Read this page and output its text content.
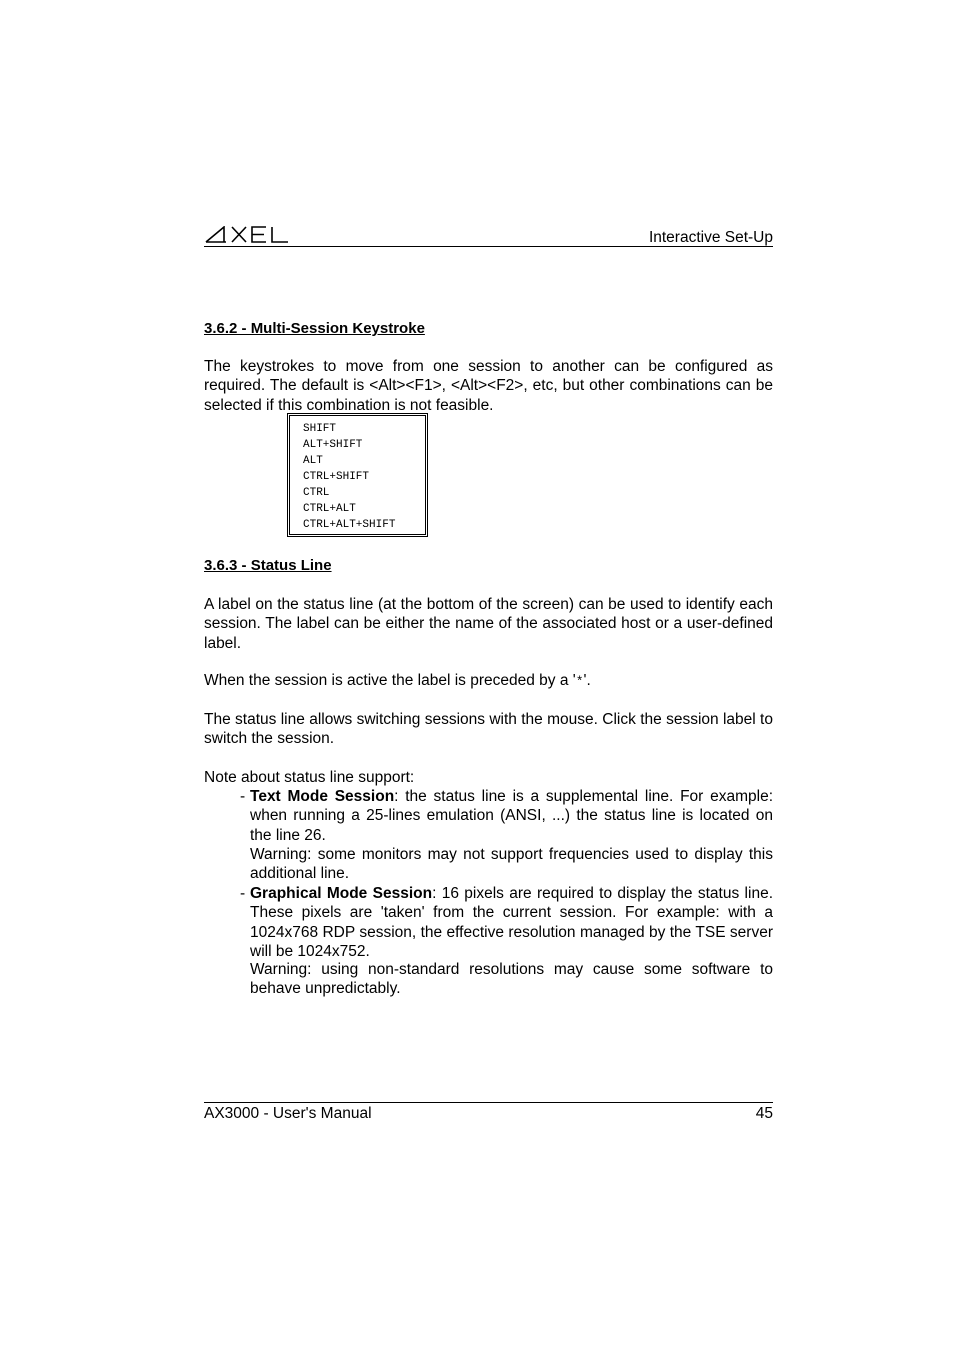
Interactive Set-Up
3.6.2 - Multi-Session Keystroke

The keystrokes to move from one session to another can be configured as required. The default is <Alt><F1>, <Alt><F2>, etc, but other combinations can be selected if this combination is not feasible.

SHIFT
ALT+SHIFT
ALT
CTRL+SHIFT
CTRL
CTRL+ALT
CTRL+ALT+SHIFT
3.6.3 - Status Line

A label on the status line (at the bottom of the screen) can be used to identify each session. The label can be either the name of the associated host or a user-defined label.

When the session is active the label is preceded by a '*'.

The status line allows switching sessions with the mouse. Click the session label to switch the session.

Note about status line support:

- Text Mode Session: the status line is a supplemental line. For example: when running a 25-lines emulation (ANSI, ...) the status line is located on the line 26.
Warning: some monitors may not support frequencies used to display this additional line.
- Graphical Mode Session: 16 pixels are required to display the status line. These pixels are 'taken' from the current session. For example: with a 1024x768 RDP session, the effective resolution managed by the TSE server will be 1024x752.
Warning: using non-standard resolutions may cause some software to behave unpredictably.
AX3000 - User's Manual	45
